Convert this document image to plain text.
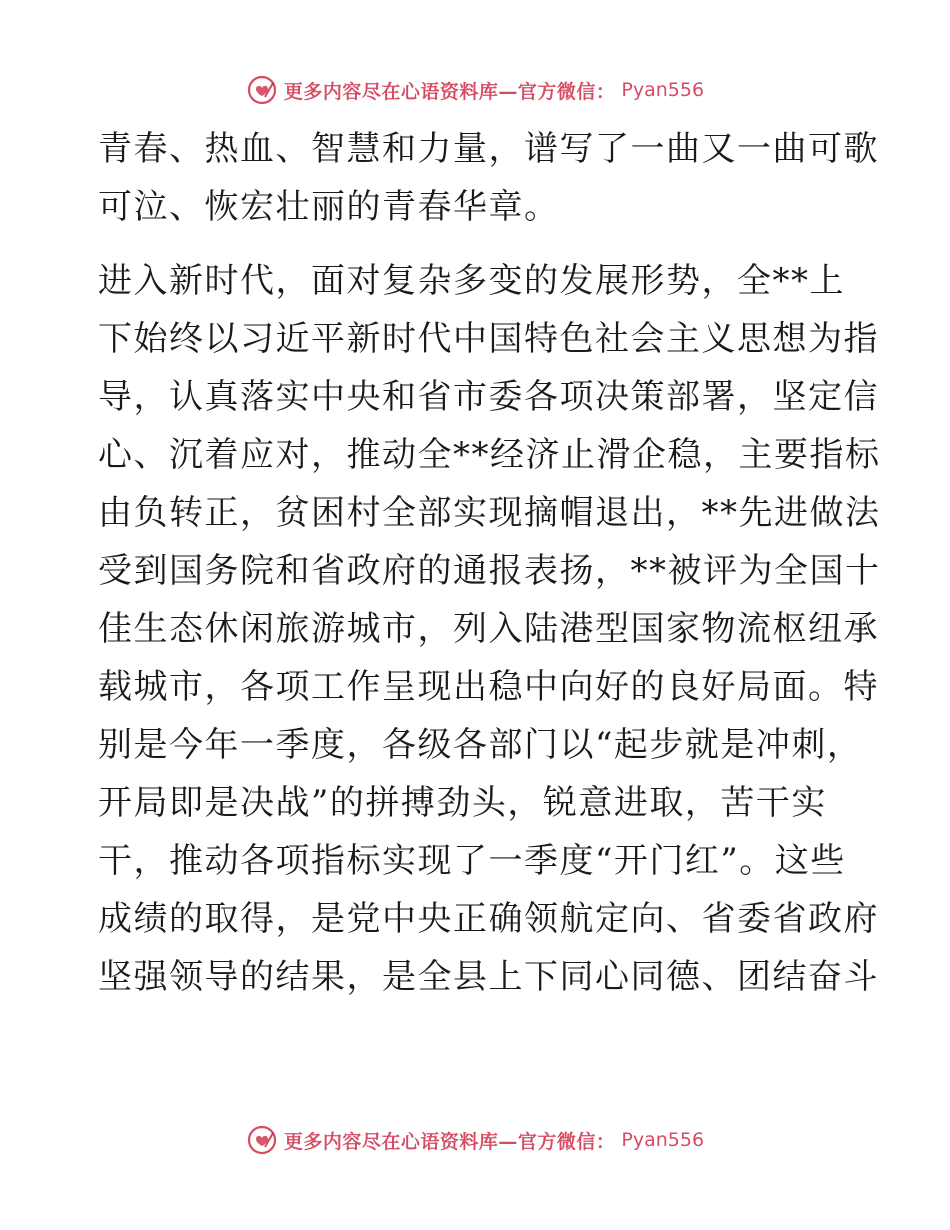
更多内容尽在心语资料库—官方微信： Pyan556
青春、热血、智慧和力量，谱写了一曲又一曲可歌
可泣、恢宏壮丽的青春华章。
进入新时代，面对复杂多变的发展形势，全**上
下始终以习近平新时代中国特色社会主义思想为指
导，认真落实中央和省市委各项决策部署，坚定信
心、沉着应对，推动全**经济止滑企稳，主要指标
由负转正，贫困村全部实现摘帽退出，**先进做法
受到国务院和省政府的通报表扬，**被评为全国十
佳生态休闲旅游城市，列入陆港型国家物流枢纽承
载城市，各项工作呈现出稳中向好的良好局面。特
别是今年一季度，各级各部门以“起步就是冲刺，
开局即是决战”的拼搏劲头，锐意进取，苦干实
干，推动各项指标实现了一季度“开门红”。这些
成绩的取得，是党中央正确领航定向、省委省政府
坚强领导的结果，是全县上下同心同德、团结奋斗
更多内容尽在心语资料库—官方微信： Pyan556
